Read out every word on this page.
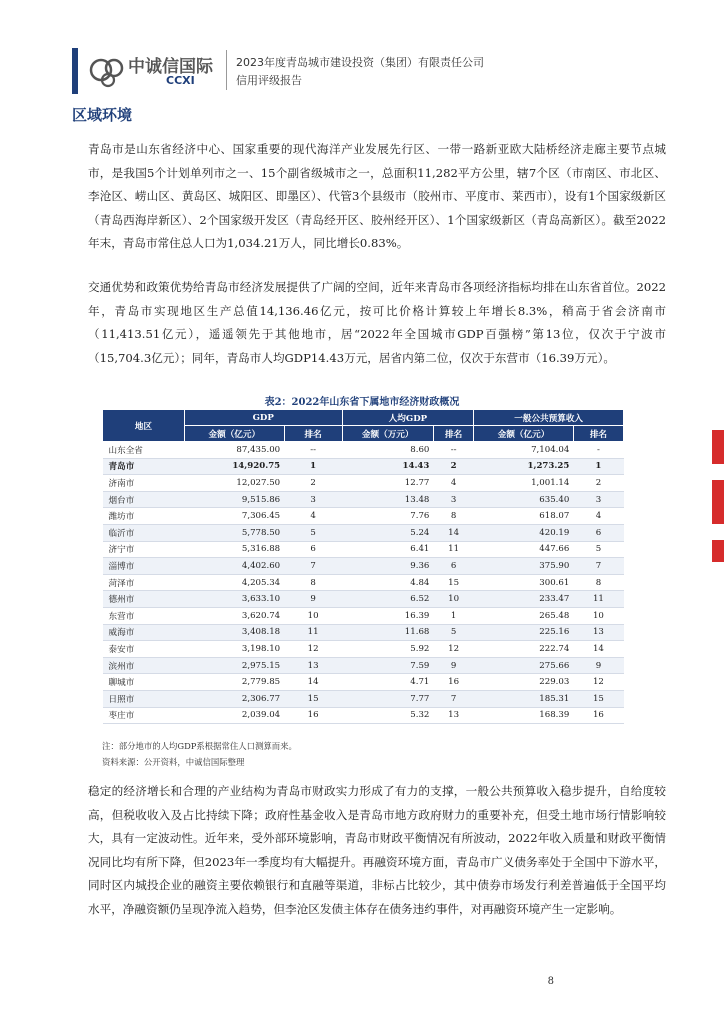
中诚信国际
CCXI
2023年度青岛城市建设投资（集团）有限责任公司
信用评级报告
区域环境
青岛市是山东省经济中心、国家重要的现代海洋产业发展先行区、一带一路新亚欧大陆桥经济走廊主要节点城市，是我国5个计划单列市之一、15个副省级城市之一，总面积11,282平方公里，辖7个区（市南区、市北区、李沧区、崂山区、黄岛区、城阳区、即墨区）、代管3个县级市（胶州市、平度市、莱西市），设有1个国家级新区（青岛西海岸新区）、2个国家级开发区（青岛经开区、胶州经开区）、1个国家级新区（青岛高新区）。截至2022年末，青岛市常住总人口为1,034.21万人，同比增长0.83%。
交通优势和政策优势给青岛市经济发展提供了广阔的空间，近年来青岛市各项经济指标均排在山东省首位。2022年，青岛市实现地区生产总值14,136.46亿元，按可比价格计算较上年增长8.3%，稍高于省会济南市（11,413.51亿元），遥遥领先于其他地市，居“2022年全国城市GDP百强榜”第13位，仅次于宁波市（15,704.3亿元）；同年，青岛市人均GDP14.43万元，居省内第二位，仅次于东营市（16.39万元）。
表2：2022年山东省下属地市经济财政概况
地区	GDP		人均GDP		一般公共预算收入	
	金额（亿元）	排名	金额（万元）	排名	金额（亿元）	排名
山东全省	87,435.00	--	8.60	--	7,104.04	-
青岛市	14,920.75	1	14.43	2	1,273.25	1
济南市	12,027.50	2	12.77	4	1,001.14	2
烟台市	9,515.86	3	13.48	3	635.40	3
潍坊市	7,306.45	4	7.76	8	618.07	4
临沂市	5,778.50	5	5.24	14	420.19	6
济宁市	5,316.88	6	6.41	11	447.66	5
淄博市	4,402.60	7	9.36	6	375.90	7
菏泽市	4,205.34	8	4.84	15	300.61	8
德州市	3,633.10	9	6.52	10	233.47	11
东营市	3,620.74	10	16.39	1	265.48	10
威海市	3,408.18	11	11.68	5	225.16	13
泰安市	3,198.10	12	5.92	12	222.74	14
滨州市	2,975.15	13	7.59	9	275.66	9
聊城市	2,779.85	14	4.71	16	229.03	12
日照市	2,306.77	15	7.77	7	185.31	15
枣庄市	2,039.04	16	5.32	13	168.39	16
注：部分地市的人均GDP系根据常住人口测算而来。
资料来源：公开资料，中诚信国际整理
稳定的经济增长和合理的产业结构为青岛市财政实力形成了有力的支撑，一般公共预算收入稳步提升，自给度较高，但税收收入及占比持续下降；政府性基金收入是青岛市地方政府财力的重要补充，但受土地市场行情影响较大，具有一定波动性。近年来，受外部环境影响，青岛市财政平衡情况有所波动，2022年收入质量和财政平衡情况同比均有所下降，但2023年一季度均有大幅提升。再融资环境方面，青岛市广义债务率处于全国中下游水平，同时区内城投企业的融资主要依赖银行和直融等渠道，非标占比较少，其中债券市场发行利差普遍低于全国平均水平，净融资额仍呈现净流入趋势，但李沧区发债主体存在债务违约事件，对再融资环境产生一定影响。
8
